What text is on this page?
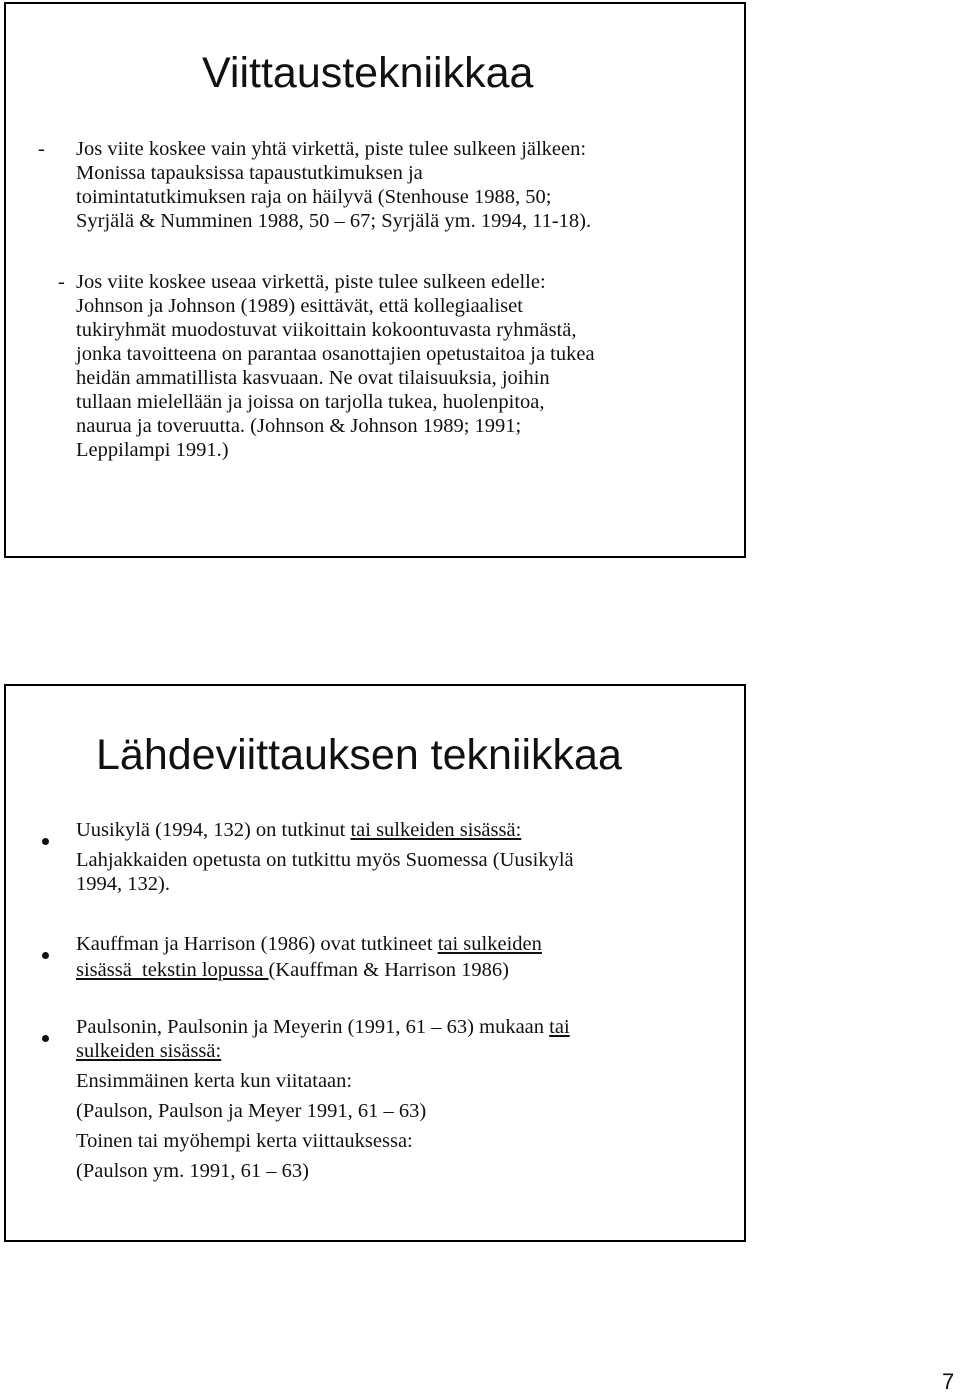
Viittaustekniikkaa
- Jos viite koskee vain yhtä virkettä, piste tulee sulkeen jälkeen:
Monissa tapauksissa tapaustutkimuksen ja
toimintatutkimuksen raja on häilyvä (Stenhouse 1988, 50;
Syrjälä & Numminen 1988, 50 – 67; Syrjälä ym. 1994, 11-18).
- Jos viite koskee useaa virkettä, piste tulee sulkeen edelle:
Johnson ja Johnson (1989) esittävät, että kollegiaaliset
tukiryhmät muodostuvat viikoittain kokoontuvasta ryhmästä,
jonka tavoitteena on parantaa osanottajien opetustaitoa ja tukea
heidän ammatillista kasvuaan. Ne ovat tilaisuuksia, joihin
tullaan mielellään ja joissa on tarjolla tukea, huolenpitoa,
naurua ja toveruutta. (Johnson & Johnson 1989; 1991;
Leppilampi 1991.)
Lähdeviittauksen tekniikkaa
Uusikylä (1994, 132) on tutkinut tai sulkeiden sisässä:
Lahjakkaiden opetusta on tutkittu myös Suomessa (Uusikylä
1994, 132).
Kauffman ja Harrison (1986) ovat tutkineet tai sulkeiden
sisässä  tekstin lopussa (Kauffman & Harrison 1986)
Paulsonin, Paulsonin ja Meyerin (1991, 61 – 63) mukaan tai
sulkeiden sisässä:
Ensimmäinen kerta kun viitataan:
(Paulson, Paulson ja Meyer 1991, 61 – 63)
Toinen tai myöhempi kerta viittauksessa:
(Paulson ym. 1991, 61 – 63)
7
